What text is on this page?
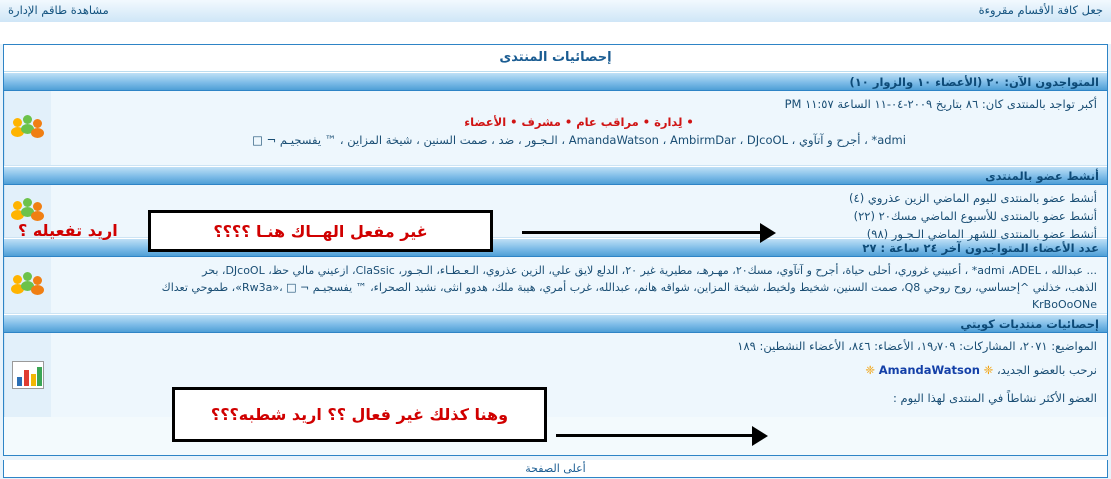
جعل كافة الأقسام مقروءة
مشاهدة طاقم الإدارة
إحصائيات المنتدى
المتواجدون الآن: ٢٠ (الأعضاء ١٠ والزوار ١٠)
أكبر تواجد بالمنتدى كان: ٨٦ بتاريخ ٢٠٠٩-٠٤-١١ الساعة ١١:٥٧ PM
• لِدارة • مراقب عام • مشرف • الأعضاء
admi* ، أجرح و آتآوي ، AmandaWatson ، AmbirmDar ، DJcoOL ، الـجـور ، ضد ، صمت السنين ، شيخة المزاين ، ™ يفسجيـم ¬ □
أنشط عضو بالمنتدى
أنشط عضو بالمنتدى لليوم الماضي الزين عذروي (٤)
أنشط عضو بالمنتدى للأسبوع الماضي مسك٢٠ (٢٢)
أنشط عضو بالمنتدى للشهر الماضي الـجـور (٩٨)
عدد الأعضاء المتواجدون آخر ٢٤ ساعة : ٢٧
... عبدالله ، admi ،ADEL* ، أعبيني غروري، أحلى حياة، أجرح و آتآوي، مسك٢٠، مهـرهـ، مطيرية غير ٢٠، الدلع لايق علي، الزين عذروي، الـعـطـاء، الـجـور، ClaSsic، ازعيني مالي حظ، DJcoOL، بحر
الذهب، خذلني ^إحساسي، روح روحي Q8، صمت السنين، شخيط ولخيط، شيخة المزاين، شواقه هانم، عبدالله، غرب أمري، هيبة ملك، هدوو انثى، نشيد الصحراء، ™ يفسجيـم ¬ □ ،«Rw3a»، طموحي تعداك
KrBoOoONe
إحصائيات منتديات كويتي
المواضيع: ٢٠٧١، المشاركات: ١٩٫٧٠٩، الأعضاء: ٨٤٦، الأعضاء النشطين: ١٨٩
نرحب بالعضو الجديد، ❈ AmandaWatson ❈
العضو الأكثر نشاطاً في المنتدى لهذا اليوم :
أعلى الصفحة
غير مفعل الهــاك هنـا ؟؟؟؟
اريد تفعيله ؟
وهنا كذلك غير فعال ؟؟ اريد شطبه؟؟؟
